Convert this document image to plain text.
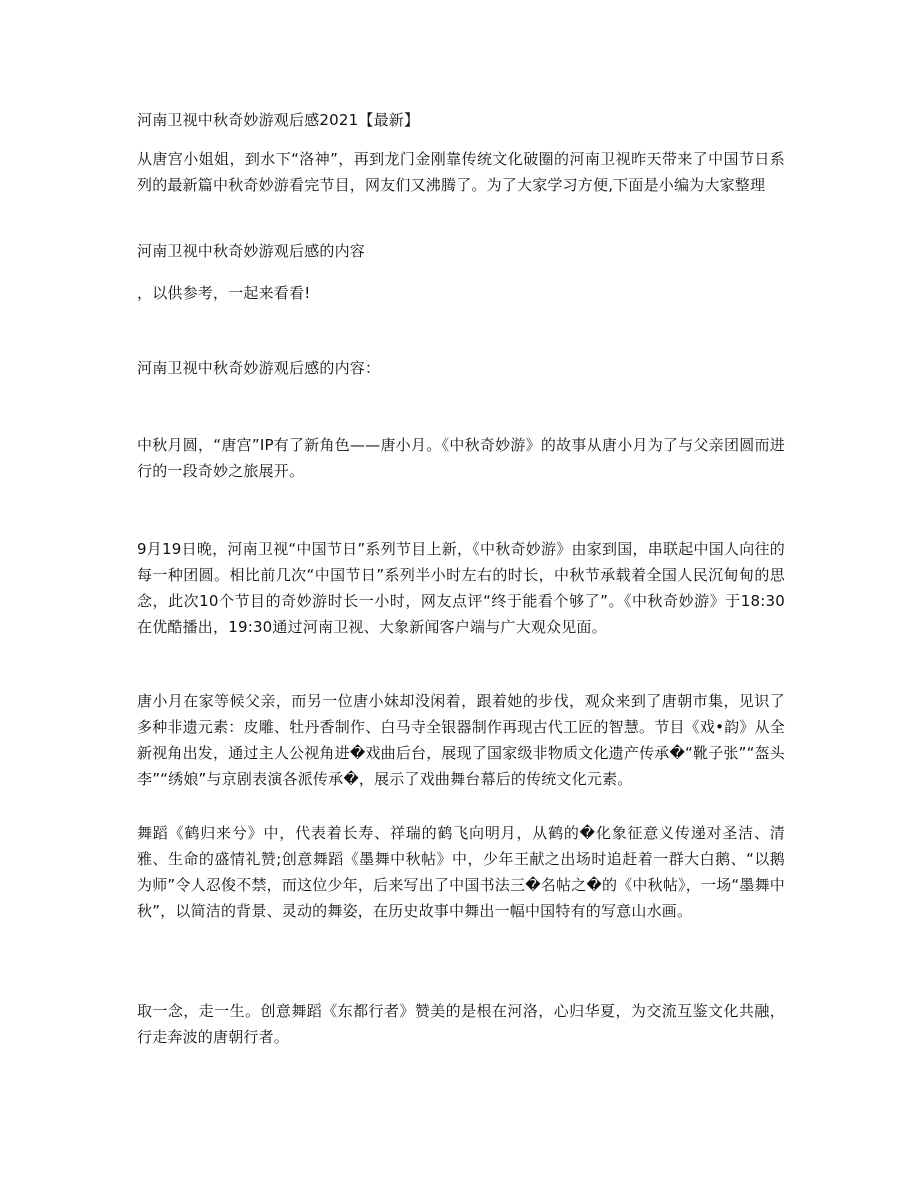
河南卫视中秋奇妙游观后感2021【最新】

从唐宫小姐姐，到水下“洛神”，再到龙门金刚靠传统文化破圈的河南卫视昨天带来了中国节日系列的最新篇中秋奇妙游看完节目，网友们又沸腾了。为了大家学习方便,下面是小编为大家整理

河南卫视中秋奇妙游观后感的内容

，以供参考，一起来看看!

河南卫视中秋奇妙游观后感的内容：

中秋月圆，“唐宫”IP有了新角色——唐小月。《中秋奇妙游》的故事从唐小月为了与父亲团圆而进行的一段奇妙之旅展开。

9月19日晚，河南卫视“中国节日”系列节目上新，《中秋奇妙游》由家到国，串联起中国人向往的每一种团圆。相比前几次“中国节日”系列半小时左右的时长，中秋节承载着全国人民沉甸甸的思念，此次10个节目的奇妙游时长一小时，网友点评“终于能看个够了”。《中秋奇妙游》于18:30在优酷播出，19:30通过河南卫视、大象新闻客户端与广大观众见面。

唐小月在家等候父亲，而另一位唐小妹却没闲着，跟着她的步伐，观众来到了唐朝市集，见识了多种非遗元素：皮雕、牡丹香制作、白马寺全银器制作再现古代工匠的智慧。节目《戏•韵》从全新视角出发，通过主人公视角进�戏曲后台，展现了国家级非物质文化遗产传承�“靴子张”“盔头李”“绣娘”与京剧表演各派传承�，展示了戏曲舞台幕后的传统文化元素。

舞蹈《鹤归来兮》中，代表着长寿、祥瑞的鹤飞向明月，从鹤的�化象征意义传递对圣洁、清雅、生命的盛情礼赞;创意舞蹈《墨舞中秋帖》中，少年王献之出场时追赶着一群大白鹅、“以鹅为师”令人忍俊不禁，而这位少年，后来写出了中国书法三�名帖之�的《中秋帖》，一场“墨舞中秋”，以简洁的背景、灵动的舞姿，在历史故事中舞出一幅中国特有的写意山水画。

取一念，走一生。创意舞蹈《东都行者》赞美的是根在河洛，心归华夏，为交流互鉴文化共融，行走奔波的唐朝行者。
